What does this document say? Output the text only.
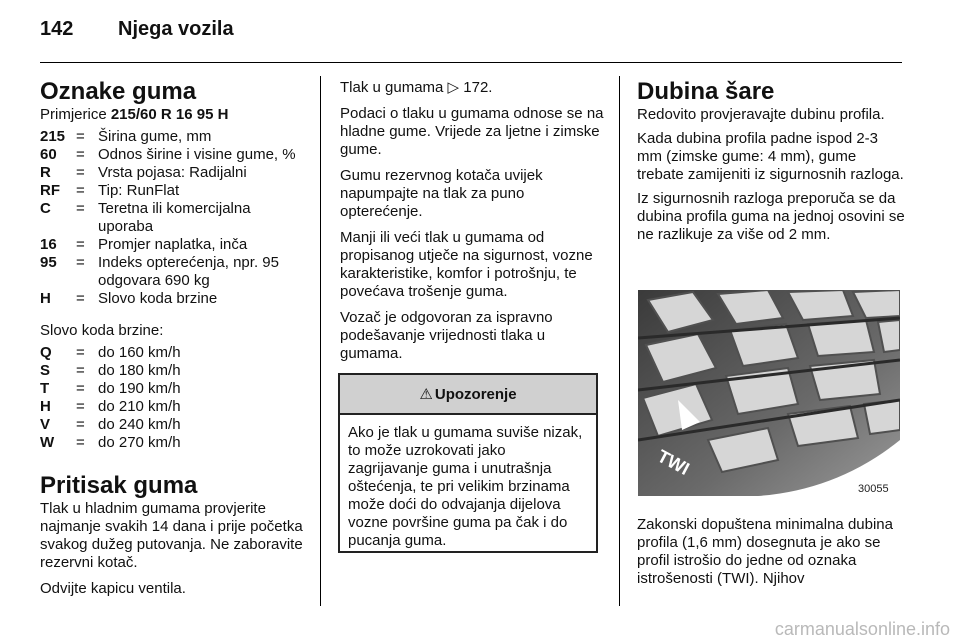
142 Njega vozila
Oznake guma

Primjerice 215/60 R 16 95 H

215 = Širina gume, mm
60	= Odnos širine i visine gume, %
R	= Vrsta pojasa: Radijalni
RF	= Tip: RunFlat
C	= Teretna ili komercijalna uporaba
16	= Promjer naplatka, inča
95	= Indeks opterećenja, npr. 95 odgovara 690 kg
H	= Slovo koda brzine

Slovo koda brzine:

Q	= do 160 km/h
S	= do 180 km/h
T	= do 190 km/h
H	= do 210 km/h
V	= do 240 km/h
W	= do 270 km/h
Pritisak guma

Tlak u hladnim gumama provjerite najmanje svakih 14 dana i prije početka svakog dužeg putovanja. Ne zaboravite rezervni kotač.

Odvijte kapicu ventila.

Tlak u gumama ▷ 172.

Podaci o tlaku u gumama odnose se na hladne gume. Vrijede za ljetne i zimske gume.

Gumu rezervnog kotača uvijek napumpajte na tlak za puno opterećenje.

Manji ili veći tlak u gumama od propisanog utječe na sigurnost, vozne karakteristike, komfor i potrošnju, te povećava trošenje guma.

Vozač je odgovoran za ispravno podešavanje vrijednosti tlaka u gumama.

⚠ Upozorenje
Ako je tlak u gumama suviše nizak, to može uzrokovati jako zagrijavanje guma i unutrašnja oštećenja, te pri velikim brzinama može doći do odvajanja dijelova vozne površine guma pa čak i do pucanja guma.
Dubina šare

Redovito provjeravajte dubinu profila.

Kada dubina profila padne ispod 2-3 mm (zimske gume: 4 mm), gume trebate zamijeniti iz sigurnosnih razloga.

Iz sigurnosnih razloga preporuča se da dubina profila guma na jednoj osovini se ne razlikuje za više od 2 mm.

TWI
30055

Zakonski dopuštena minimalna dubina profila (1,6 mm) dosegnuta je ako se profil istrošio do jedne od oznaka istrošenosti (TWI). Njihov

carmanualsonline.info
